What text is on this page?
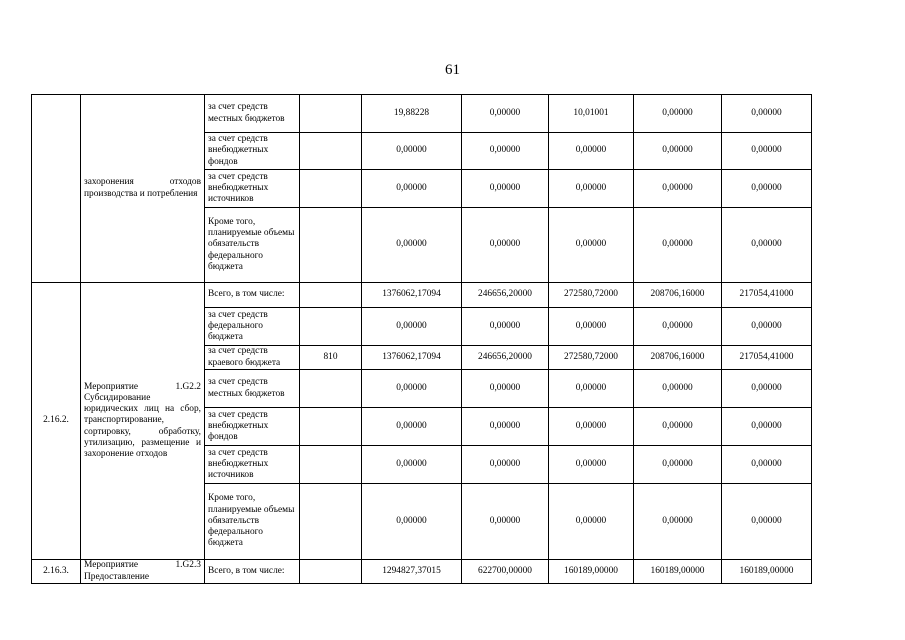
61

	захоронения отходов производства и потребления	за счет средств местных бюджетов		19,88228	0,00000	10,01001	0,00000	0,00000
		за счет средств внебюджетных фондов		0,00000	0,00000	0,00000	0,00000	0,00000
		за счет средств внебюджетных источников		0,00000	0,00000	0,00000	0,00000	0,00000
		Кроме того, планируемые объемы обязательств федерального бюджета		0,00000	0,00000	0,00000	0,00000	0,00000
2.16.2.	Мероприятие 1.G2.2 Субсидирование юридических лиц на сбор, транспортирование, сортировку, обработку, утилизацию, размещение и захоронение отходов	Всего, в том числе:		1376062,17094	246656,20000	272580,72000	208706,16000	217054,41000
		за счет средств федерального бюджета		0,00000	0,00000	0,00000	0,00000	0,00000
		за счет средств краевого бюджета	810	1376062,17094	246656,20000	272580,72000	208706,16000	217054,41000
		за счет средств местных бюджетов		0,00000	0,00000	0,00000	0,00000	0,00000
		за счет средств внебюджетных фондов		0,00000	0,00000	0,00000	0,00000	0,00000
		за счет средств внебюджетных источников		0,00000	0,00000	0,00000	0,00000	0,00000
		Кроме того, планируемые объемы обязательств федерального бюджета		0,00000	0,00000	0,00000	0,00000	0,00000
2.16.3.	Мероприятие 1.G2.3 Предоставление	Всего, в том числе:		1294827,37015	622700,00000	160189,00000	160189,00000	160189,00000
